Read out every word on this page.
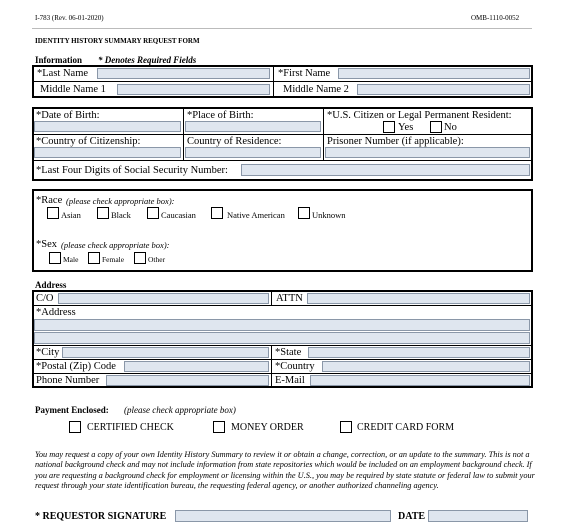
I-783 (Rev. 06-01-2020)	OMB-1110-0052
IDENTITY HISTORY SUMMARY REQUEST FORM
Information * Denotes Required Fields
*Last Name	*First Name
Middle Name 1	Middle Name 2
*Date of Birth:	*Place of Birth:	*U.S. Citizen or Legal Permanent Resident:
Yes	No
*Country of Citizenship:	Country of Residence:	Prisoner Number (if applicable):
*Last Four Digits of Social Security Number:
*Race (please check appropriate box):
Asian	Black	Caucasian	Native American	Unknown
*Sex (please check appropriate box):
Male	Female	Other
Address
C/O	ATTN
*Address
*City	*State
*Postal (Zip) Code	*Country
Phone Number	E-Mail
Payment Enclosed: (please check appropriate box)
CERTIFIED CHECK	MONEY ORDER	CREDIT CARD FORM
You may request a copy of your own Identity History Summary to review it or obtain a change, correction, or an update to the summary. This is not a national background check and may not include information from state repositories which would be included on an employment background check. If you are requesting a background check for employment or licensing within the U.S., you may be required by state statute or federal law to submit your request through your state identification bureau, the requesting federal agency, or another authorized channeling agency.
* REQUESTOR SIGNATURE	DATE
